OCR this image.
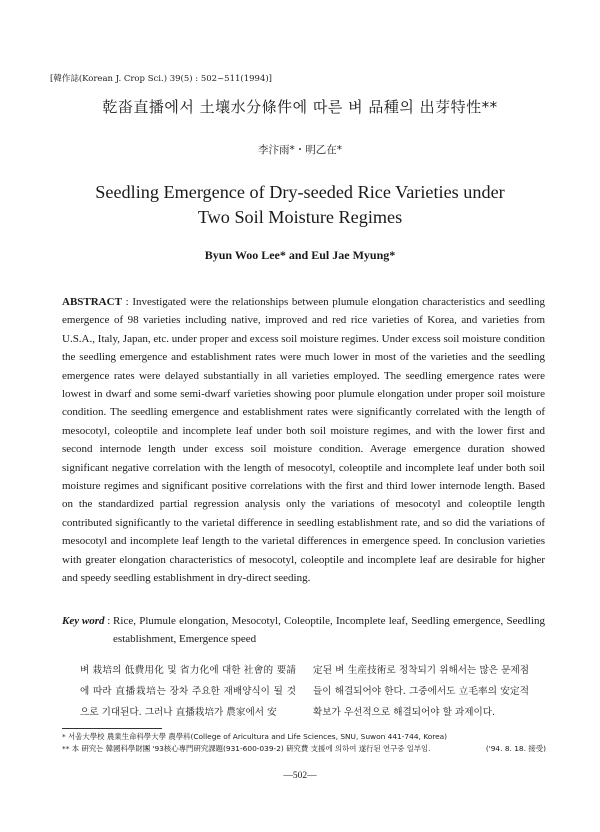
[韓作誌(Korean J. Crop Sci.) 39(5) : 502~511(1994)]
乾畓直播에서 土壤水分條件에 따른 벼 品種의 出芽特性**
李汴雨*・明乙在*
Seedling Emergence of Dry-seeded Rice Varieties under
Two Soil Moisture Regimes
Byun Woo Lee* and Eul Jae Myung*
ABSTRACT : Investigated were the relationships between plumule elongation characteristics and seedling emergence of 98 varieties including native, improved and red rice varieties of Korea, and varieties from U.S.A., Italy, Japan, etc. under proper and excess soil moisture regimes. Under excess soil moisture condition the seedling emergence and establishment rates were much lower in most of the varieties and the seedling emergence rates were delayed substantially in all varieties employed. The seedling emergence rates were lowest in dwarf and some semi-dwarf varieties showing poor plumule elongation under proper soil moisture condition. The seedling emergence and establishment rates were significantly correlated with the length of mesocotyl, coleoptile and incomplete leaf under both soil moisture regimes, and with the lower first and second internode length under excess soil moisture condition. Average emergence duration showed significant negative correlation with the length of mesocotyl, coleoptile and incomplete leaf under both soil moisture regimes and significant positive correlations with the first and third lower internode length. Based on the standardized partial regression analysis only the variations of mesocotyl and coleoptile length contributed significantly to the varietal difference in seedling establishment rate, and so did the variations of mesocotyl and incomplete leaf length to the varietal differences in emergence speed. In conclusion varieties with greater elongation characteristics of mesocotyl, coleoptile and incomplete leaf are desirable for higher and speedy seedling establishment in dry-direct seeding.
Key word : Rice, Plumule elongation, Mesocotyl, Coleoptile, Incomplete leaf, Seedling emergence, Seedling establishment, Emergence speed
벼 栽培의 低費用化 및 省力化에 대한 社會的 要請에 따라 直播栽培는 장차 주요한 재배양식이 될 것으로 기대된다. 그러나 直播栽培가 農家에서 安
定된 벼 生産技術로 정착되기 위해서는 많은 문제점들이 해결되어야 한다. 그중에서도 立毛率의 安定적 확보가 우선적으로 해결되어야 할 과제이다.
* 서울大學校 農業生命科學大學 農學科(College of Aricultura and Life Sciences, SNU, Suwon 441-744, Korea)
** 本 硏究는 韓國科學財團 '93核心專門硏究課題(931-600-039-2) 硏究費 支援에 의하여 遂行된 연구중 일부임.	('94. 8. 18. 接受)
—502—
